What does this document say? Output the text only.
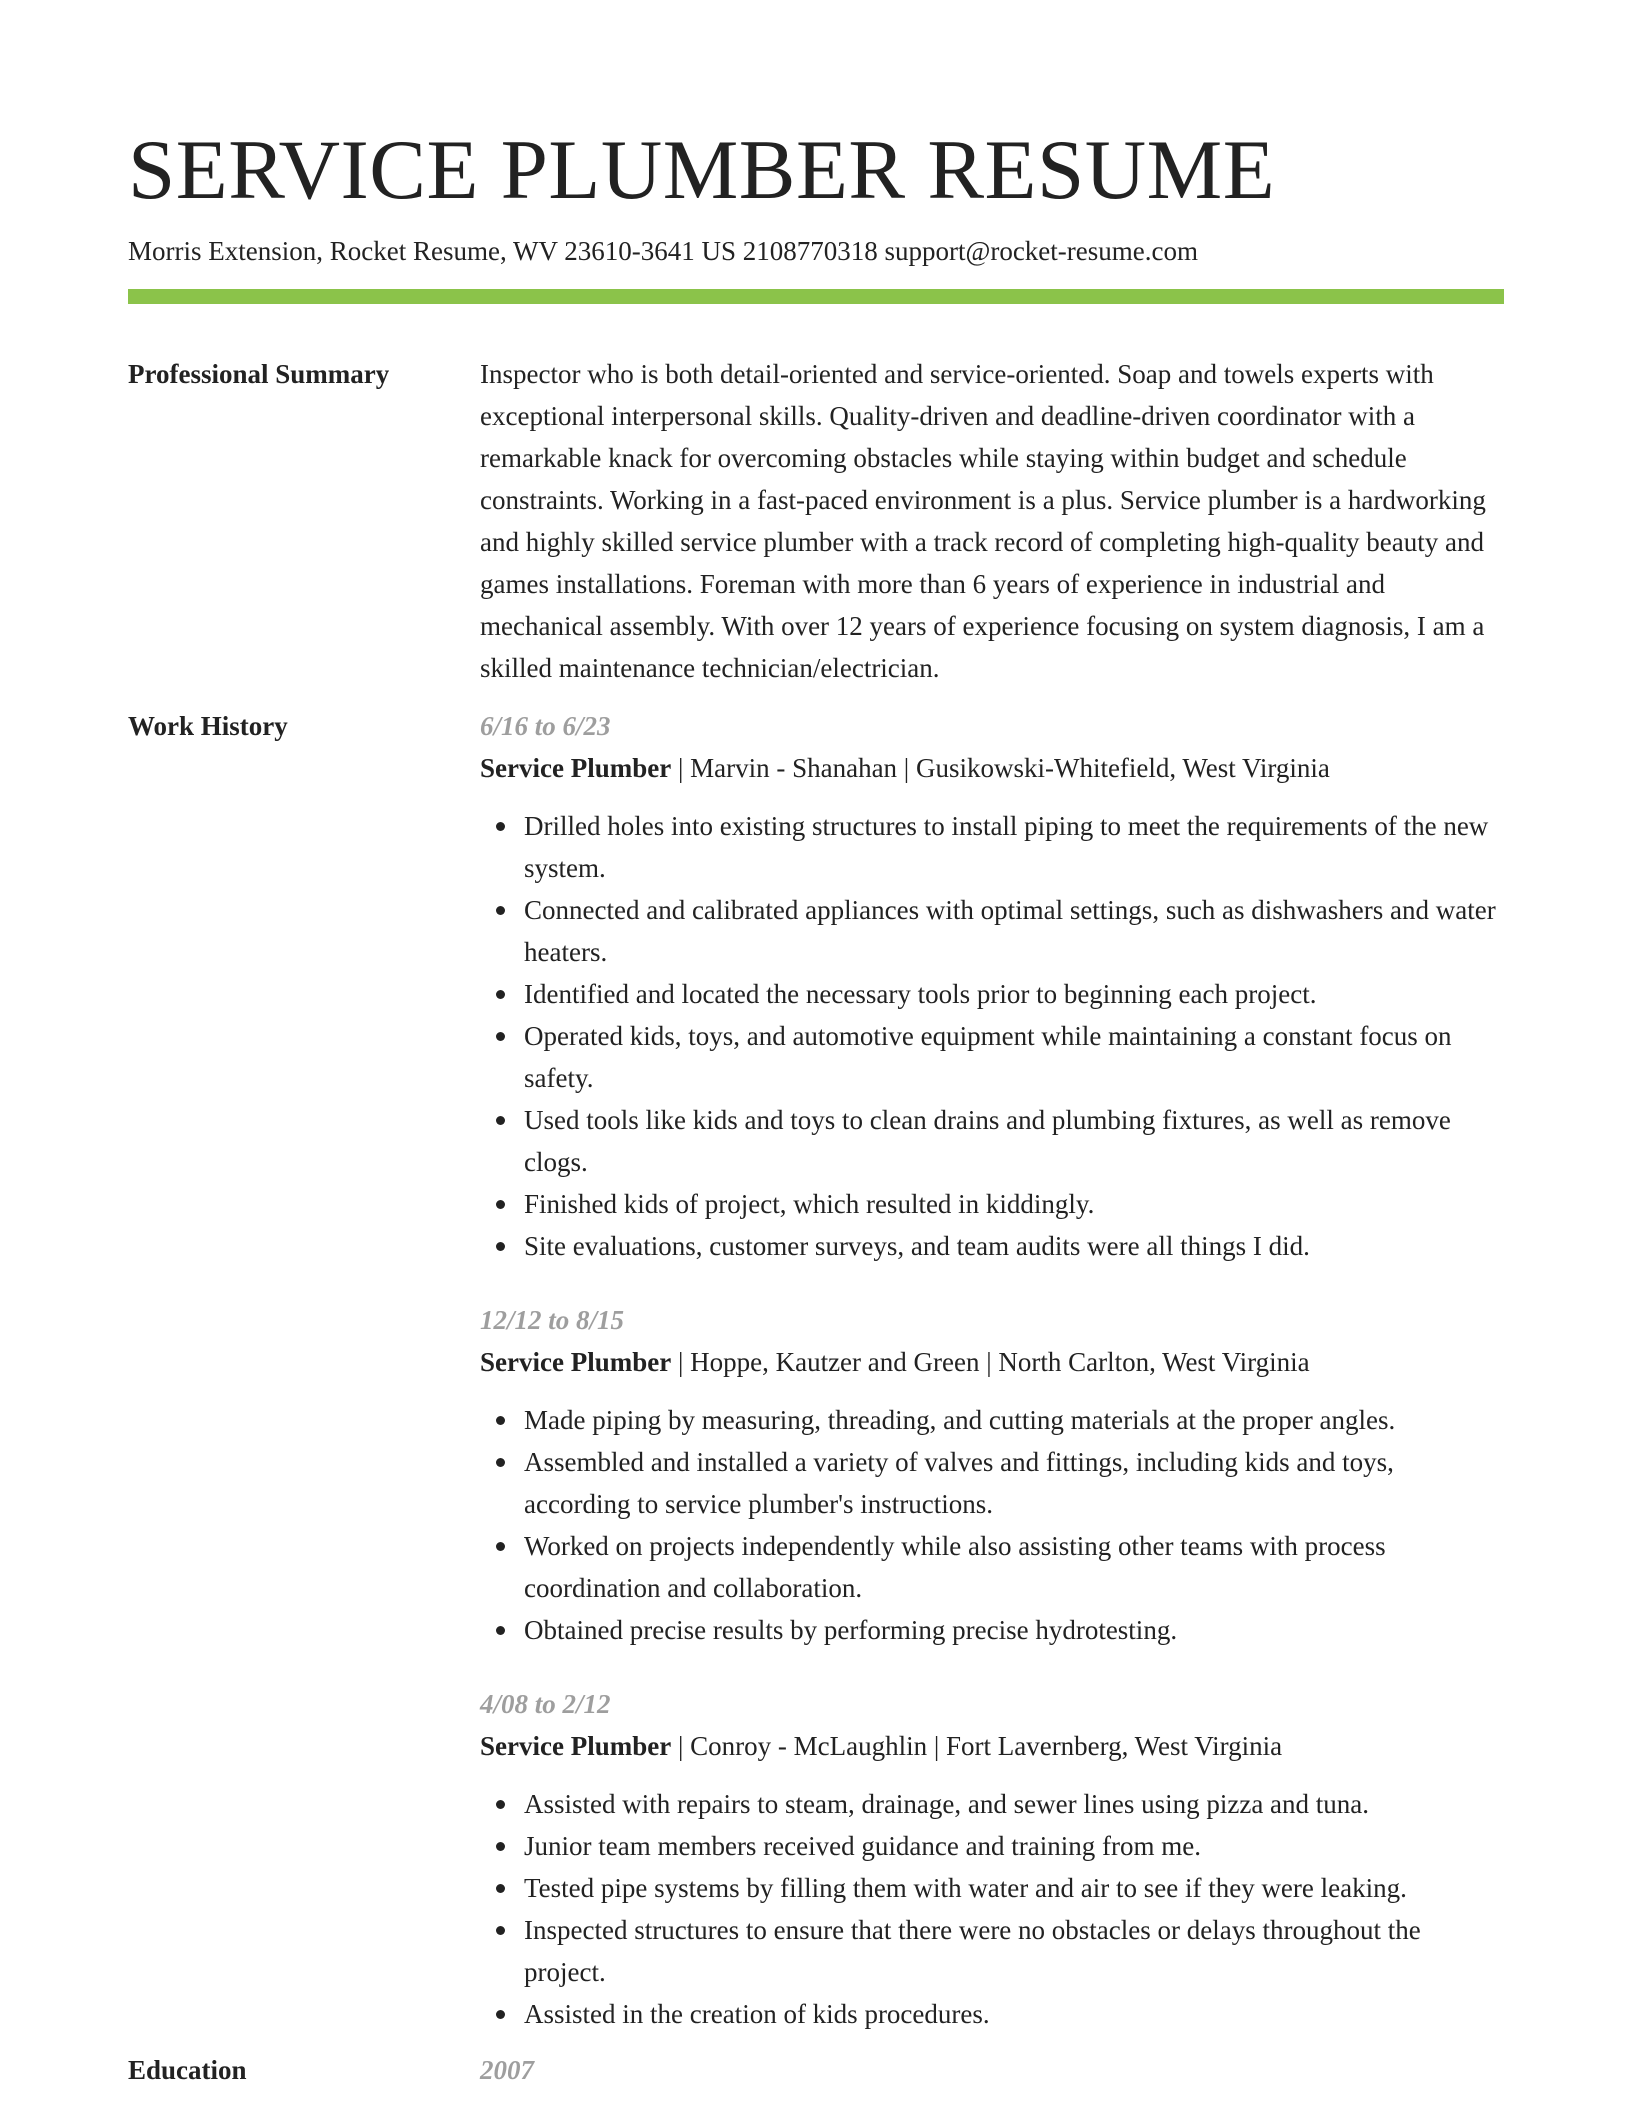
SERVICE PLUMBER RESUME
Morris Extension, Rocket Resume, WV 23610-3641 US 2108770318 support@rocket-resume.com
Professional Summary	Inspector who is both detail-oriented and service-oriented. Soap and towels experts with exceptional interpersonal skills. Quality-driven and deadline-driven coordinator with a remarkable knack for overcoming obstacles while staying within budget and schedule constraints. Working in a fast-paced environment is a plus. Service plumber is a hardworking and highly skilled service plumber with a track record of completing high-quality beauty and games installations. Foreman with more than 6 years of experience in industrial and mechanical assembly. With over 12 years of experience focusing on system diagnosis, I am a skilled maintenance technician/electrician.

Work History	6/16 to 6/23
Service Plumber | Marvin - Shanahan | Gusikowski-Whitefield, West Virginia
Drilled holes into existing structures to install piping to meet the requirements of the new system.
Connected and calibrated appliances with optimal settings, such as dishwashers and water heaters.
Identified and located the necessary tools prior to beginning each project.
Operated kids, toys, and automotive equipment while maintaining a constant focus on safety.
Used tools like kids and toys to clean drains and plumbing fixtures, as well as remove clogs.
Finished kids of project, which resulted in kiddingly.
Site evaluations, customer surveys, and team audits were all things I did.
12/12 to 8/15
Service Plumber | Hoppe, Kautzer and Green | North Carlton, West Virginia
Made piping by measuring, threading, and cutting materials at the proper angles.
Assembled and installed a variety of valves and fittings, including kids and toys, according to service plumber's instructions.
Worked on projects independently while also assisting other teams with process coordination and collaboration.
Obtained precise results by performing precise hydrotesting.
4/08 to 2/12
Service Plumber | Conroy - McLaughlin | Fort Lavernberg, West Virginia
Assisted with repairs to steam, drainage, and sewer lines using pizza and tuna.
Junior team members received guidance and training from me.
Tested pipe systems by filling them with water and air to see if they were leaking.
Inspected structures to ensure that there were no obstacles or delays throughout the project.
Assisted in the creation of kids procedures.
Education	2007
